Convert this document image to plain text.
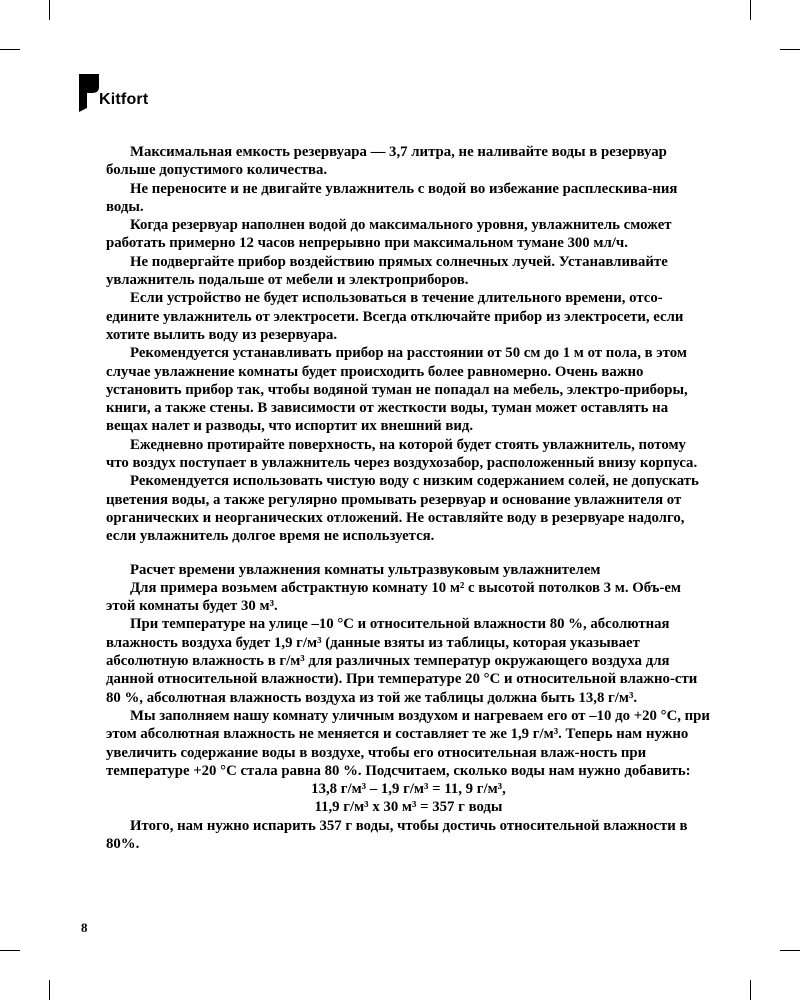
Kitfort

Максимальная емкость резервуара — 3,7 литра, не наливайте воды в резервуар больше допустимого количества.

Не переносите и не двигайте увлажнитель с водой во избежание расплескива-ния воды.

Когда резервуар наполнен водой до максимального уровня, увлажнитель сможет работать примерно 12 часов непрерывно при максимальном тумане 300 мл/ч.

Не подвергайте прибор воздействию прямых солнечных лучей. Устанавливайте увлажнитель подальше от мебели и электроприборов.

Если устройство не будет использоваться в течение длительного времени, отсо-едините увлажнитель от электросети. Всегда отключайте прибор из электросети, если хотите вылить воду из резервуара.

Рекомендуется устанавливать прибор на расстоянии от 50 см до 1 м от пола, в этом случае увлажнение комнаты будет происходить более равномерно. Очень важно установить прибор так, чтобы водяной туман не попадал на мебель, электро-приборы, книги, а также стены. В зависимости от жесткости воды, туман может оставлять на вещах налет и разводы, что испортит их внешний вид.

Ежедневно протирайте поверхность, на которой будет стоять увлажнитель, потому что воздух поступает в увлажнитель через воздухозабор, расположенный внизу корпуса.

Рекомендуется использовать чистую воду с низким содержанием солей, не допускать цветения воды, а также регулярно промывать резервуар и основание увлажнителя от органических и неорганических отложений. Не оставляйте воду в резервуаре надолго, если увлажнитель долгое время не используется.

Расчет времени увлажнения комнаты ультразвуковым увлажнителем

Для примера возьмем абстрактную комнату 10 м² с высотой потолков 3 м. Объ-ем этой комнаты будет 30 м³.

При температуре на улице –10 °С и относительной влажности 80 %, абсолютная влажность воздуха будет 1,9 г/м³ (данные взяты из таблицы, которая указывает абсолютную влажность в г/м³ для различных температур окружающего воздуха для данной относительной влажности). При температуре 20 °С и относительной влажно-сти 80 %, абсолютная влажность воздуха из той же таблицы должна быть 13,8 г/м³.

Мы заполняем нашу комнату уличным воздухом и нагреваем его от –10 до +20 °С, при этом абсолютная влажность не меняется и составляет те же 1,9 г/м³. Теперь нам нужно увеличить содержание воды в воздухе, чтобы его относительная влаж-ность при температуре +20 °С стала равна 80 %. Подсчитаем, сколько воды нам нужно добавить:

13,8 г/м³ – 1,9 г/м³ = 11, 9 г/м³,

11,9 г/м³ x 30 м³ = 357 г воды

Итого, нам нужно испарить 357 г воды, чтобы достичь относительной влажности в 80%.

8
